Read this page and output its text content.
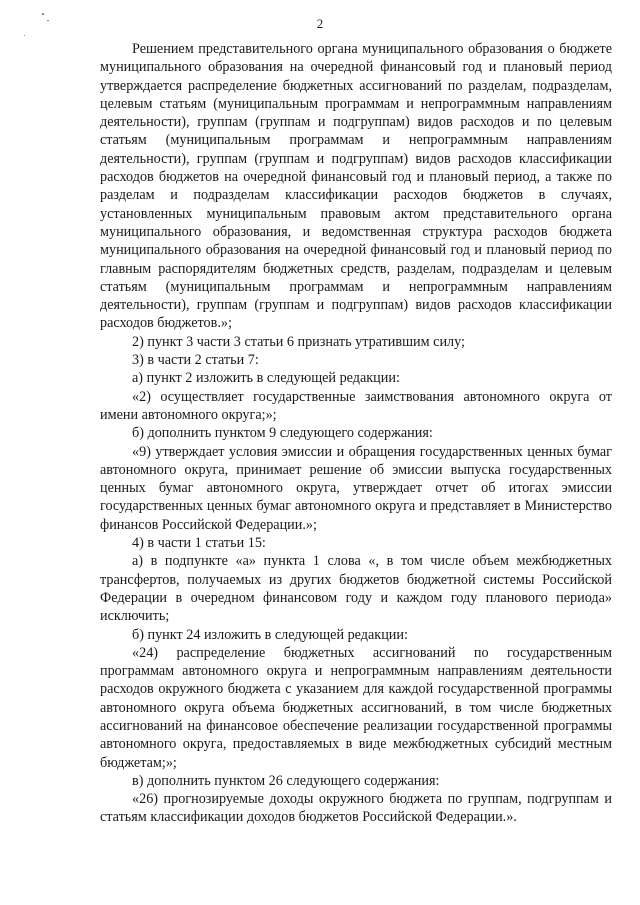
2

Решением представительного органа муниципального образования о бюджете муниципального образования на очередной финансовый год и плановый период утверждается распределение бюджетных ассигнований по разделам, подразделам, целевым статьям (муниципальным программам и непрограммным направлениям деятельности), группам (группам и подгруппам) видов расходов и по целевым статьям (муниципальным программам и непрограммным направлениям деятельности), группам (группам и подгруппам) видов расходов классификации расходов бюджетов на очередной финансовый год и плановый период, а также по разделам и подразделам классификации расходов бюджетов в случаях, установленных муниципальным правовым актом представительного органа муниципального образования, и ведомственная структура расходов бюджета муниципального образования на очередной финансовый год и плановый период по главным распорядителям бюджетных средств, разделам, подразделам и целевым статьям (муниципальным программам и непрограммным направлениям деятельности), группам (группам и подгруппам) видов расходов классификации расходов бюджетов.»;

2) пункт 3 части 3 статьи 6 признать утратившим силу;

3) в части 2 статьи 7:

а) пункт 2 изложить в следующей редакции:

«2) осуществляет государственные заимствования автономного округа от имени автономного округа;»;

б) дополнить пунктом 9 следующего содержания:

«9) утверждает условия эмиссии и обращения государственных ценных бумаг автономного округа, принимает решение об эмиссии выпуска государственных ценных бумаг автономного округа, утверждает отчет об итогах эмиссии государственных ценных бумаг автономного округа и представляет в Министерство финансов Российской Федерации.»;

4) в части 1 статьи 15:

а) в подпункте «а» пункта 1 слова «, в том числе объем межбюджетных трансфертов, получаемых из других бюджетов бюджетной системы Российской Федерации в очередном финансовом году и каждом году планового периода» исключить;

б) пункт 24 изложить в следующей редакции:

«24) распределение бюджетных ассигнований по государственным программам автономного округа и непрограммным направлениям деятельности расходов окружного бюджета с указанием для каждой государственной программы автономного округа объема бюджетных ассигнований, в том числе бюджетных ассигнований на финансовое обеспечение реализации государственной программы автономного округа, предоставляемых в виде межбюджетных субсидий местным бюджетам;»;

в) дополнить пунктом 26 следующего содержания:

«26) прогнозируемые доходы окружного бюджета по группам, подгруппам и статьям классификации доходов бюджетов Российской Федерации.».
